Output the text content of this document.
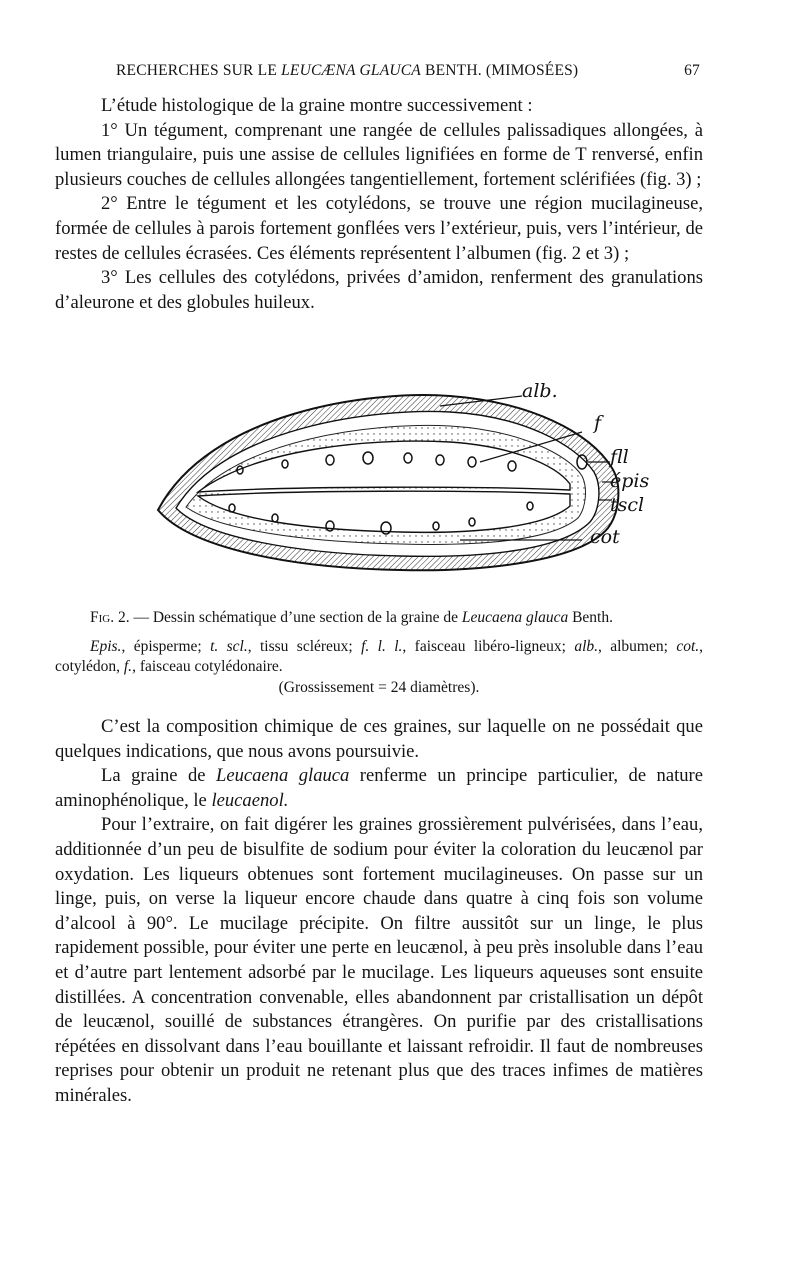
RECHERCHES SUR LE LEUCÆNA GLAUCA BENTH. (MIMOSÉES)	67

L’étude histologique de la graine montre successivement :

1° Un tégument, comprenant une rangée de cellules palissadiques allongées, à lumen triangulaire, puis une assise de cellules lignifiées en forme de T renversé, enfin plusieurs couches de cellules allongées tangentiellement, fortement sclérifiées (fig. 3) ;

2° Entre le tégument et les cotylédons, se trouve une région mucilagineuse, formée de cellules à parois fortement gonflées vers l’extérieur, puis, vers l’intérieur, de restes de cellules écrasées. Ces éléments représentent l’albumen (fig. 2 et 3) ;

3° Les cellules des cotylédons, privées d’amidon, renferment des granulations d’aleurone et des globules huileux.

alb.
f
fll
épis
tscl
cot

Fig. 2. — Dessin schématique d’une section de la graine de Leucaena glauca Benth.

Epis., épisperme; t. scl., tissu scléreux; f. l. l., faisceau libéro-ligneux; alb., albumen; cot., cotylédon, f., faisceau cotylédonaire.

(Grossissement = 24 diamètres).

C’est la composition chimique de ces graines, sur laquelle on ne possédait que quelques indications, que nous avons poursuivie.

La graine de Leucaena glauca renferme un principe particulier, de nature aminophénolique, le leucaenol.

Pour l’extraire, on fait digérer les graines grossièrement pulvérisées, dans l’eau, additionnée d’un peu de bisulfite de sodium pour éviter la coloration du leucænol par oxydation. Les liqueurs obtenues sont fortement mucilagineuses. On passe sur un linge, puis, on verse la liqueur encore chaude dans quatre à cinq fois son volume d’alcool à 90°. Le mucilage précipite. On filtre aussitôt sur un linge, le plus rapidement possible, pour éviter une perte en leucænol, à peu près insoluble dans l’eau et d’autre part lentement adsorbé par le mucilage. Les liqueurs aqueuses sont ensuite distillées. A concentration convenable, elles abandonnent par cristallisation un dépôt de leucænol, souillé de substances étrangères. On purifie par des cristallisations répétées en dissolvant dans l’eau bouillante et laissant refroidir. Il faut de nombreuses reprises pour obtenir un produit ne retenant plus que des traces infimes de matières minérales.
